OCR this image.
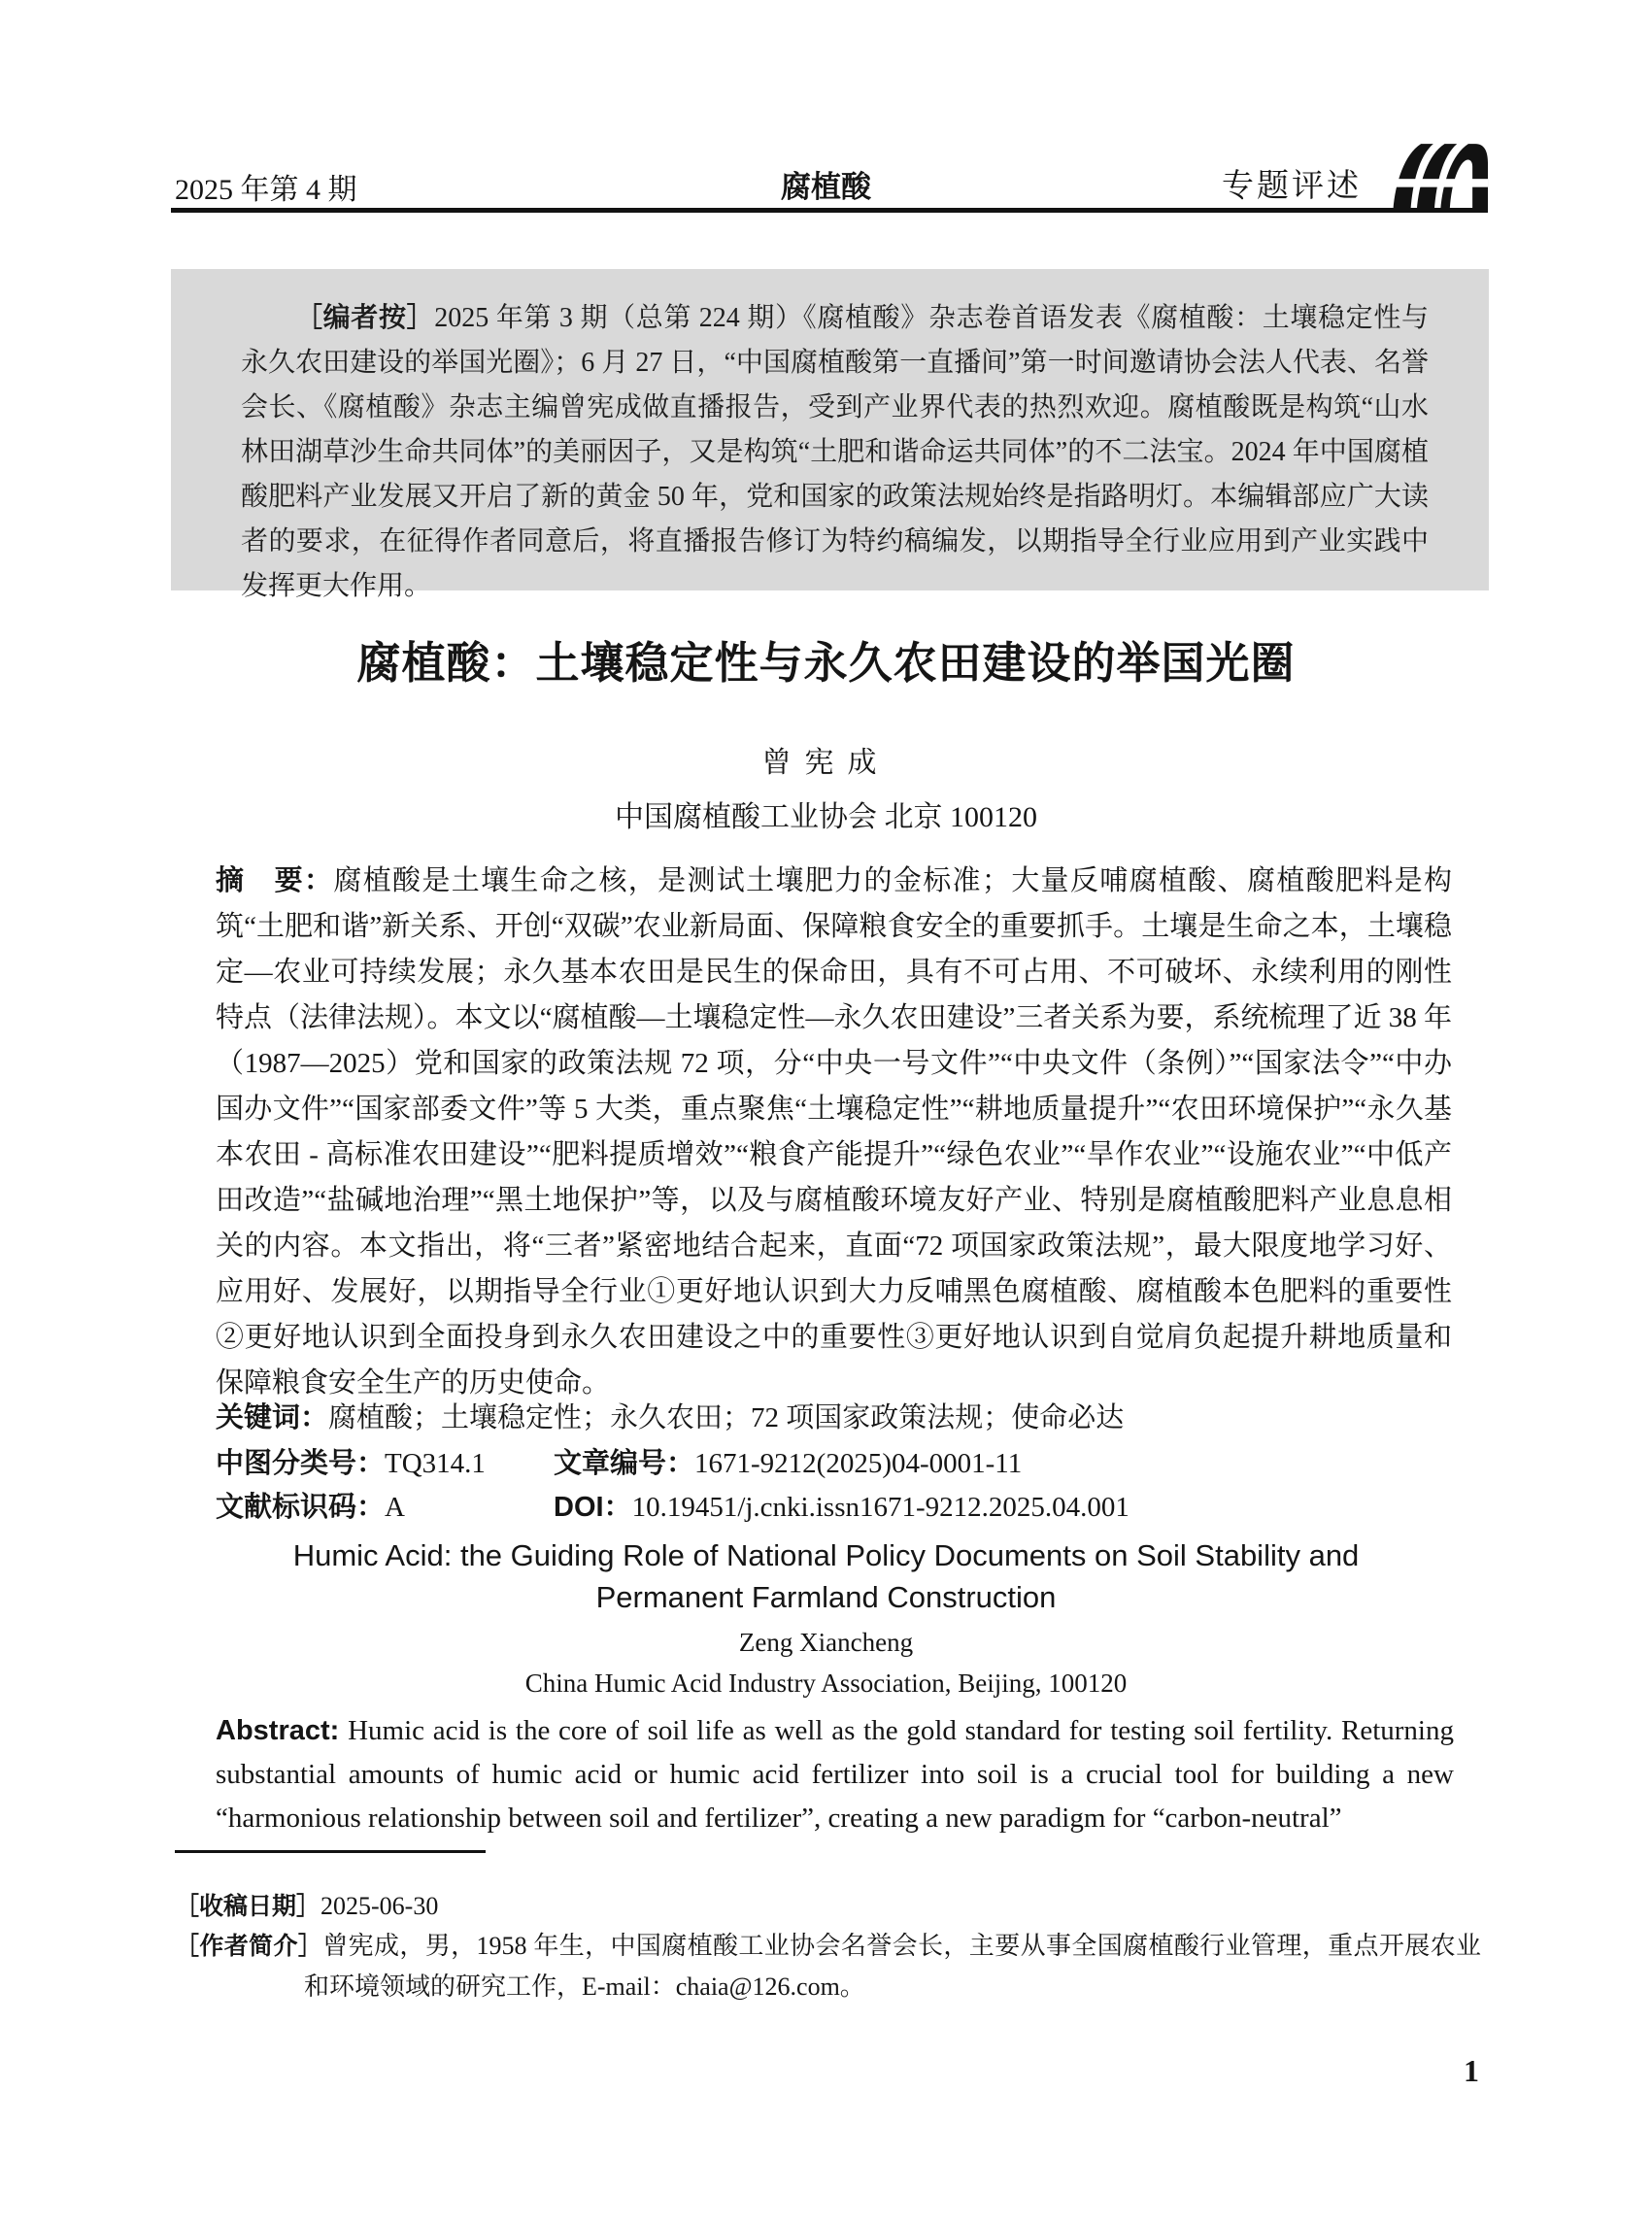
2025 年第 4 期	腐植酸	专题评述
［编者按］2025 年第 3 期（总第 224 期）《腐植酸》杂志卷首语发表《腐植酸：土壤稳定性与永久农田建设的举国光圈》；6 月 27 日，“中国腐植酸第一直播间”第一时间邀请协会法人代表、名誉会长、《腐植酸》杂志主编曾宪成做直播报告，受到产业界代表的热烈欢迎。腐植酸既是构筑“山水林田湖草沙生命共同体”的美丽因子，又是构筑“土肥和谐命运共同体”的不二法宝。2024 年中国腐植酸肥料产业发展又开启了新的黄金 50 年，党和国家的政策法规始终是指路明灯。本编辑部应广大读者的要求，在征得作者同意后，将直播报告修订为特约稿编发，以期指导全行业应用到产业实践中发挥更大作用。
腐植酸：土壤稳定性与永久农田建设的举国光圈
曾宪成
中国腐植酸工业协会 北京 100120
摘　要：腐植酸是土壤生命之核，是测试土壤肥力的金标准；大量反哺腐植酸、腐植酸肥料是构筑“土肥和谐”新关系、开创“双碳”农业新局面、保障粮食安全的重要抓手。土壤是生命之本，土壤稳定—农业可持续发展；永久基本农田是民生的保命田，具有不可占用、不可破坏、永续利用的刚性特点（法律法规）。本文以“腐植酸—土壤稳定性—永久农田建设”三者关系为要，系统梳理了近 38 年（1987—2025）党和国家的政策法规 72 项，分“中央一号文件”“中央文件（条例）”“国家法令”“中办国办文件”“国家部委文件”等 5 大类，重点聚焦“土壤稳定性”“耕地质量提升”“农田环境保护”“永久基本农田 - 高标准农田建设”“肥料提质增效”“粮食产能提升”“绿色农业”“旱作农业”“设施农业”“中低产田改造”“盐碱地治理”“黑土地保护”等，以及与腐植酸环境友好产业、特别是腐植酸肥料产业息息相关的内容。本文指出，将“三者”紧密地结合起来，直面“72 项国家政策法规”，最大限度地学习好、应用好、发展好，以期指导全行业①更好地认识到大力反哺黑色腐植酸、腐植酸本色肥料的重要性②更好地认识到全面投身到永久农田建设之中的重要性③更好地认识到自觉肩负起提升耕地质量和保障粮食安全生产的历史使命。
关键词：腐植酸；土壤稳定性；永久农田；72 项国家政策法规；使命必达
中图分类号：TQ314.1 文章编号：1671-9212(2025)04-0001-11
文献标识码：A	DOI：10.19451/j.cnki.issn1671-9212.2025.04.001
Humic Acid: the Guiding Role of National Policy Documents on Soil Stability and
Permanent Farmland Construction
Zeng Xiancheng
China Humic Acid Industry Association, Beijing, 100120
Abstract: Humic acid is the core of soil life as well as the gold standard for testing soil fertility. Returning substantial amounts of humic acid or humic acid fertilizer into soil is a crucial tool for building a new “harmonious relationship between soil and fertilizer”, creating a new paradigm for “carbon-neutral”
［收稿日期］2025-06-30
［作者简介］曾宪成，男，1958 年生，中国腐植酸工业协会名誉会长，主要从事全国腐植酸行业管理，重点开展农业和环境领域的研究工作，E-mail：chaia@126.com。
1
